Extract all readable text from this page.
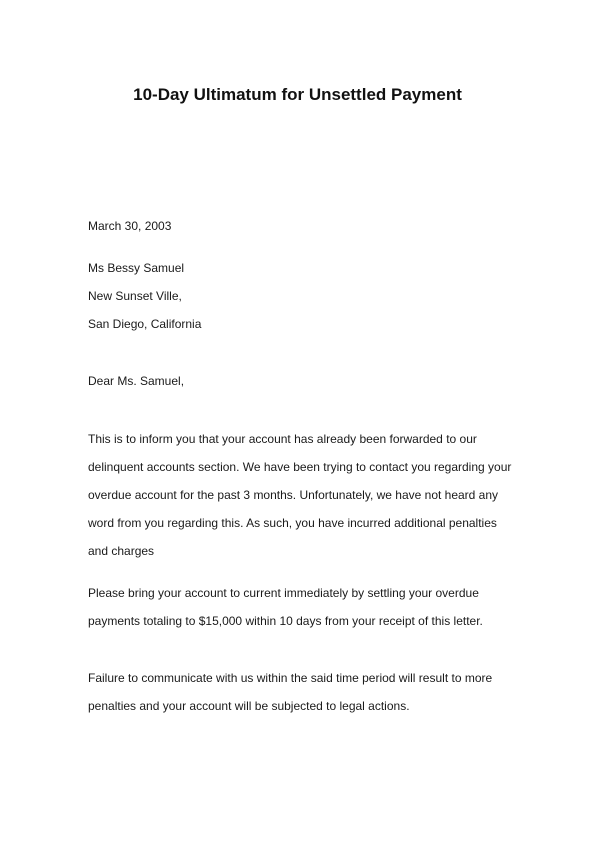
10-Day Ultimatum for Unsettled Payment

March 30, 2003

Ms Bessy Samuel

New Sunset Ville,

San Diego, California

Dear Ms. Samuel,

This is to inform you that your account has already been forwarded to our

delinquent accounts section. We have been trying to contact you regarding your

overdue account for the past 3 months. Unfortunately, we have not heard any

word from you regarding this. As such, you have incurred additional penalties

and charges

Please bring your account to current immediately by settling your overdue

payments totaling to $15,000 within 10 days from your receipt of this letter.

Failure to communicate with us within the said time period will result to more

penalties and your account will be subjected to legal actions.
